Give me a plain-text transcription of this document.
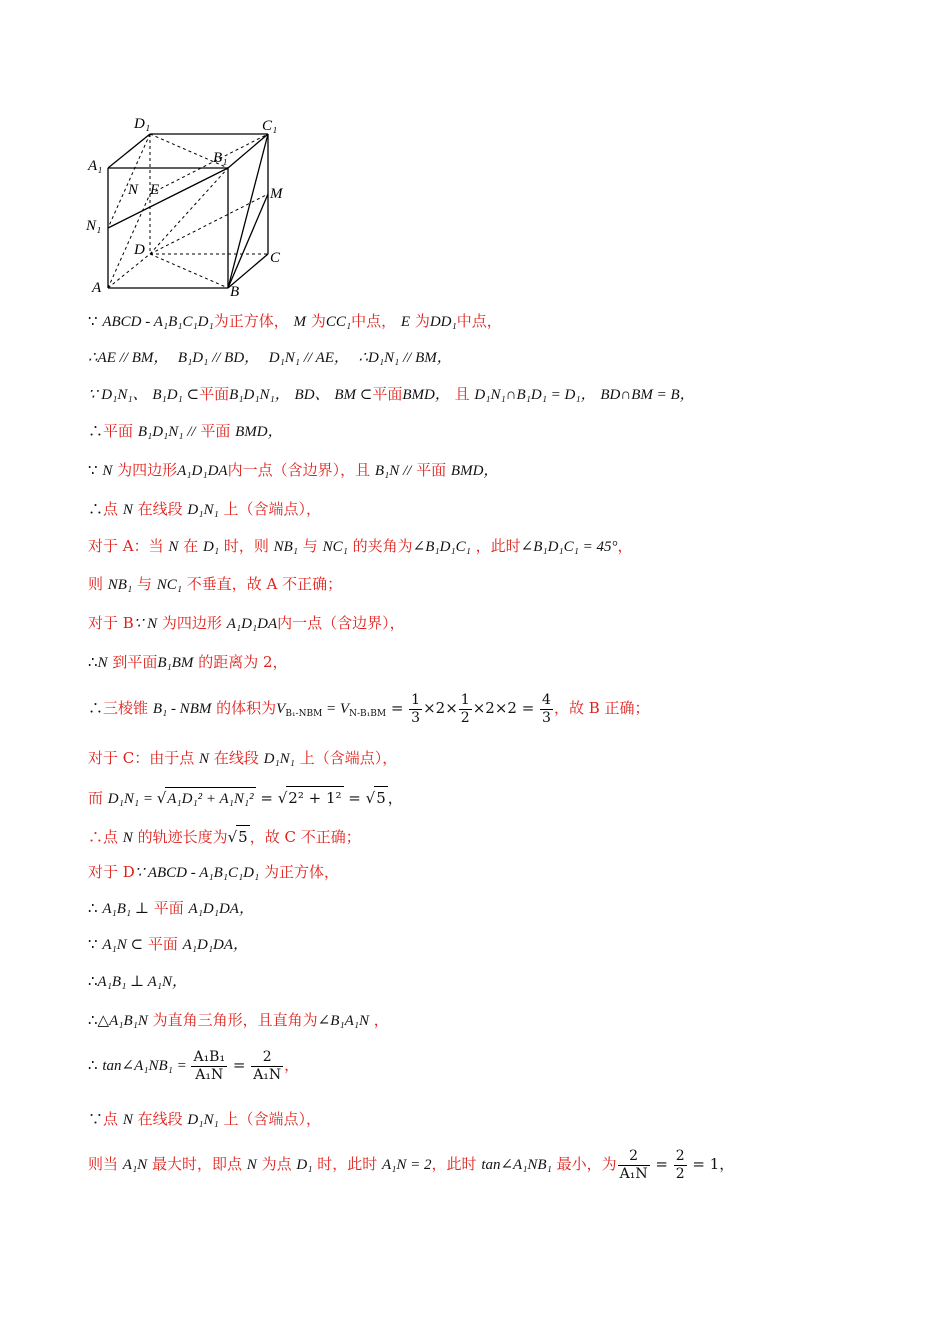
D₁	C₁
A₁	B₁
N E	M
N₁
D	C
A	B
∵ ABCD - A₁B₁C₁D₁为正方体， M 为CC₁中点， E 为DD₁中点，
∴AE // BM， B₁D₁ // BD， D₁N₁ // AE， ∴D₁N₁ // BM，
∵ D₁N₁、 B₁D₁ ⊂平面B₁D₁N₁， BD、 BM ⊂平面BMD， 且 D₁N₁∩B₁D₁ = D₁， BD∩BM = B，
∴平面 B₁D₁N₁ // 平面 BMD，
∵ N 为四边形A₁D₁DA内一点（含边界），且 B₁N // 平面 BMD，
∴点 N 在线段 D₁N₁ 上（含端点），
对于 A：当 N 在 D₁ 时，则 NB₁ 与 NC₁ 的夹角为∠B₁D₁C₁ ，此时∠B₁D₁C₁ = 45°，
则 NB₁ 与 NC₁ 不垂直，故 A 不正确；
对于 B∵ N 为四边形 A₁D₁DA内一点（含边界），
∴N 到平面B₁BM 的距离为 2，
∴三棱锥 B₁ - NBM 的体积为$V_{B_1-NBM} = V_{N-B_1BM} = \frac{1}{3} \times 2\times \frac{1}{2} \times 2\times 2 = \frac{4}{3}$ ，故 B 正确；
对于 C：由于点 N 在线段 D₁N₁ 上（含端点），
而 D₁N₁ = √A₁D₁² + A₁N₁² = √2² + 1² = √5 ，
∴点 N 的轨迹长度为√5 ，故 C 不正确；
对于 D∵ ABCD - A₁B₁C₁D₁ 为正方体，
∴ A₁B₁ ⊥ 平面 A₁D₁DA，
∵ A₁N ⊂ 平面 A₁D₁DA，
∴A₁B₁ ⊥ A₁N，
∴△A₁B₁N 为直角三角形，且直角为∠B₁A₁N ，
∴ tan∠A₁NB₁ = $\frac{\text{A₁B₁}}{\text{A₁N}} = \frac{2}{\text{A₁N}}$ ，
∵点 N 在线段 D₁N₁ 上（含端点），
则当 A₁N 最大时，即点 N 为点 D₁ 时，此时 A₁N = 2，此时 tan∠A₁NB₁ 最小，为 $\frac{2}{\text{A₁N}} = \frac{2}{2} = 1$，
